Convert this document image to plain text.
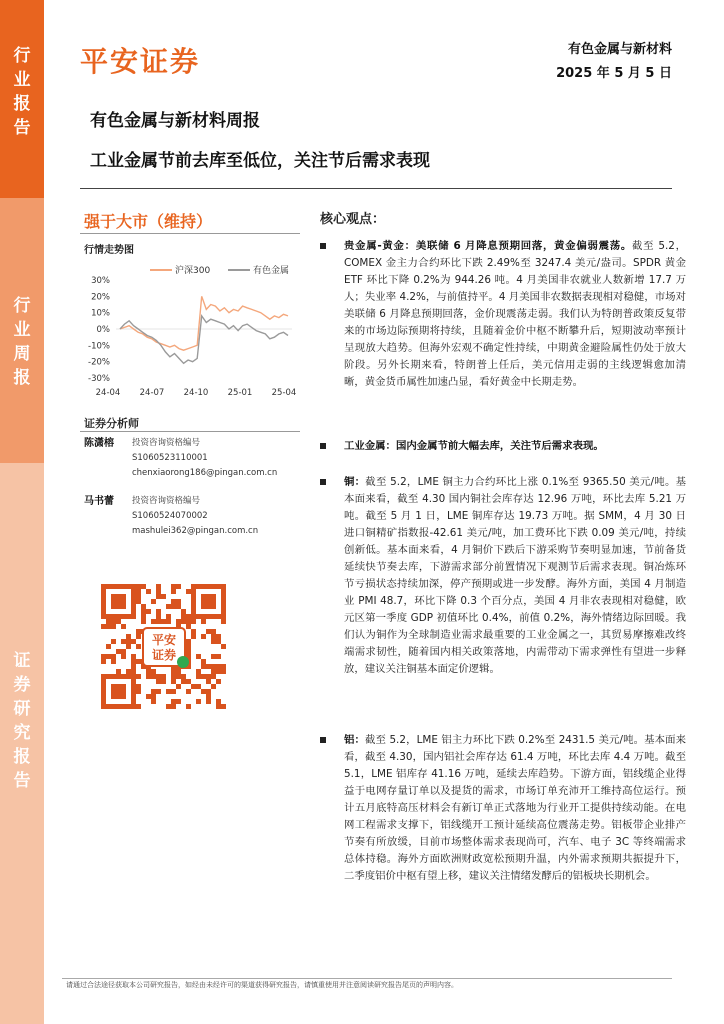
行
业
报
告
行
业
周
报
证
券
研
究
报
告
平安证券	有色金属与新材料
2025 年 5 月 5 日
有色金属与新材料周报
工业金属节前去库至低位，关注节后需求表现
强于大市（维持）
行情走势图
30%
20%
10%
0%
-10%
-20%
-30%
24-04 24-07 24-10 25-01 25-04
沪深300	有色金属
证券分析师
陈潇榕	投资咨询资格编号
S1060523110001
chenxiaorong186@pingan.com.cn
马书蕾	投资咨询资格编号
S1060524070002
mashulei362@pingan.com.cn
平安
证券
核心观点：
贵金属-黄金：美联储 6 月降息预期回落，黄金偏弱震荡。截至 5.2，COMEX 金主力合约环比下跌 2.49%至 3247.4 美元/盎司。SPDR 黄金 ETF 环比下降 0.2%为 944.26 吨。4 月美国非农就业人数新增 17.7 万人；失业率 4.2%，与前值持平。4 月美国非农数据表现相对稳健，市场对美联储 6 月降息预期回落，金价现震荡走弱。我们认为特朗普政策反复带来的市场边际预期将持续，且随着金价中枢不断攀升后，短期波动率预计呈现放大趋势。但海外宏观不确定性持续，中期黄金避险属性仍处于放大阶段。另外长期来看，特朗普上任后，美元信用走弱的主线逻辑愈加清晰，黄金货币属性加速凸显，看好黄金中长期走势。
工业金属：国内金属节前大幅去库，关注节后需求表现。
铜：截至 5.2，LME 铜主力合约环比上涨 0.1%至 9365.50 美元/吨。基本面来看，截至 4.30 国内铜社会库存达 12.96 万吨，环比去库 5.21 万吨。截至 5 月 1 日，LME 铜库存达 19.73 万吨。据 SMM，4 月 30 日进口铜精矿指数报-42.61 美元/吨，加工费环比下跌 0.09 美元/吨，持续创新低。基本面来看，4 月铜价下跌后下游采购节奏明显加速，节前备货延续快节奏去库，下游需求部分前置情况下观测节后需求表现。铜冶炼环节亏损状态持续加深，停产预期或进一步发酵。海外方面，美国 4 月制造业 PMI 48.7，环比下降 0.3 个百分点，美国 4 月非农表现相对稳健，欧元区第一季度 GDP 初值环比 0.4%，前值 0.2%，海外情绪边际回暖。我们认为铜作为全球制造业需求最重要的工业金属之一，其贸易摩擦难改终端需求韧性，随着国内相关政策落地，内需带动下需求弹性有望进一步释放，建议关注铜基本面定价逻辑。
铝：截至 5.2，LME 铝主力环比下跌 0.2%至 2431.5 美元/吨。基本面来看，截至 4.30，国内铝社会库存达 61.4 万吨，环比去库 4.4 万吨。截至 5.1，LME 铝库存 41.16 万吨，延续去库趋势。下游方面，铝线缆企业得益于电网存量订单以及提货的需求，市场订单充沛开工维持高位运行。预计五月底特高压材料会有新订单正式落地为行业开工提供持续动能。在电网工程需求支撑下，铝线缆开工预计延续高位震荡走势。铝板带企业排产节奏有所放缓，目前市场整体需求表现尚可，汽车、电子 3C 等终端需求总体持稳。海外方面欧洲财政宽松预期升温，内外需求预期共振提升下，二季度铝价中枢有望上移，建议关注情绪发酵后的铝板块长期机会。
请通过合法途径获取本公司研究报告，如经由未经许可的渠道获得研究报告，请慎重使用并注意阅读研究报告尾页的声明内容。
